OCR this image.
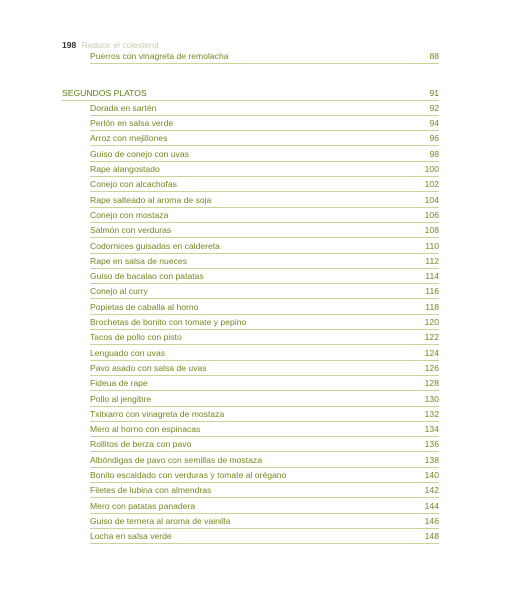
198 Reducir el colesterol
Puerros con vinagreta de remolacha	88
SEGUNDOS PLATOS	91
Dorada en sartén	92
Perlón en salsa verde	94
Arroz con mejillones	96
Guiso de conejo con uvas	98
Rape alangostado	100
Conejo con alcachofas	102
Rape salteado al aroma de soja	104
Conejo con mostaza	106
Salmón con verduras	108
Codornices guisadas en caldereta	110
Rape en salsa de nueces	112
Guiso de bacalao con patatas	114
Conejo al curry	116
Popietas de caballa al horno	118
Brochetas de bonito con tomate y pepino	120
Tacos de pollo con pisto	122
Lenguado con uvas	124
Pavo asado con salsa de uvas	126
Fideua de rape	128
Pollo al jengibre	130
Txitxarro con vinagreta de mostaza	132
Mero al horno con espinacas	134
Rollitos de berza con pavo	136
Albóndigas de pavo con semillas de mostaza	138
Bonito escaldado con verduras y tomate al orégano	140
Filetes de lubina con almendras	142
Mero con patatas panadera	144
Guiso de ternera al aroma de vainilla	146
Locha en salsa verde	148
